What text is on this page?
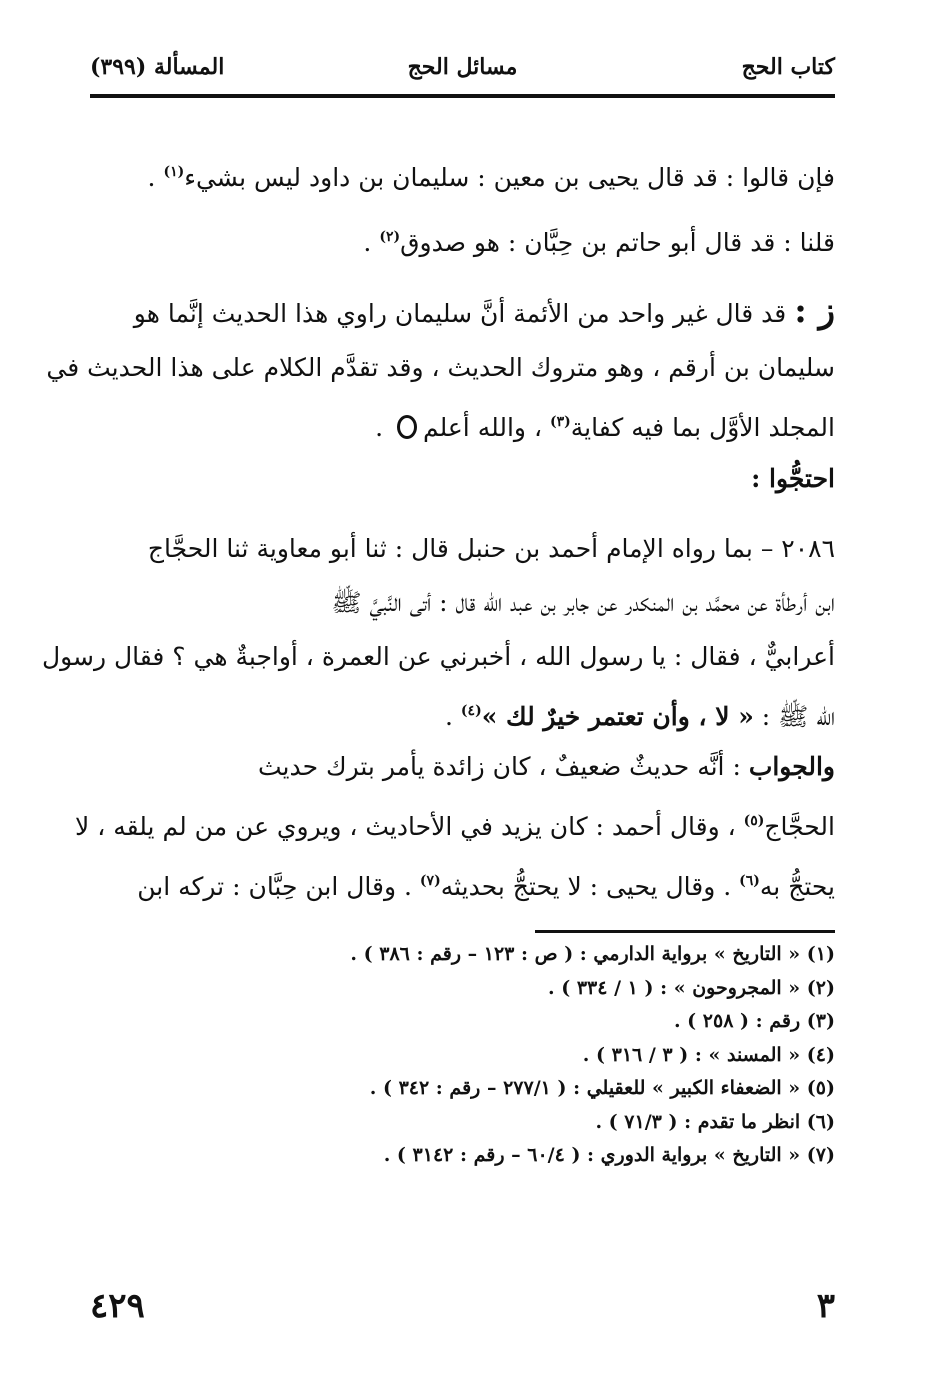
كتاب الحج
مسائل الحج
المسألة (٣٩٩)
فإن قالوا : قد قال يحيى بن معين : سليمان بن داود ليس بشيء$^{(١)}$ .
قلنا : قد قال أبو حاتم بن حِبَّان : هو صدوق$^{(٢)}$ .
ز : قد قال غير واحد من الأئمة أنَّ سليمان راوي هذا الحديث إنَّما هو
سليمان بن أرقم ، وهو متروك الحديث ، وقد تقدَّم الكلام على هذا الحديث في
المجلد الأوَّل بما فيه كفاية$^{(٣)}$ ، والله أعلم .
احتجُّوا :
٢٠٨٦ – بما رواه الإمام أحمد بن حنبل قال : ثنا أبو معاوية ثنا الحجَّاج
ابن أرطأة عن محمَّد بن المنكدر عن جابر بن عبد الله قال : أتى النَّبيَّ ﷺ
أعرابيٌّ ، فقال : يا رسول الله ، أخبرني عن العمرة ، أواجبةٌ هي ؟ فقال رسول
الله ﷺ : « لا ، وأن تعتمر خيرٌ لك »$^{(٤)}$ .
والجواب : أنَّه حديثٌ ضعيفٌ ، كان زائدة يأمر بترك حديث
الحجَّاج$^{(٥)}$ ، وقال أحمد : كان يزيد في الأحاديث ، ويروي عن من لم يلقه ، لا
يحتجُّ به$^{(٦)}$ . وقال يحيى : لا يحتجُّ بحديثه$^{(٧)}$ . وقال ابن حِبَّان : تركه ابن
(١) « التاريخ » برواية الدارمي : ( ص : ١٢٣ – رقم : ٣٨٦ ) .
(٢) « المجروحون » : ( ١ / ٣٣٤ ) .
(٣) رقم : ( ٢٥٨ ) .
(٤) « المسند » : ( ٣ / ٣١٦ ) .
(٥) « الضعفاء الكبير » للعقيلي : ( ٢٧٧/١ – رقم : ٣٤٢ ) .
(٦) انظر ما تقدم : ( ٧١/٣ ) .
(٧) « التاريخ » برواية الدوري : ( ٦٠/٤ – رقم : ٣١٤٢ ) .
٣
٤٢٩
